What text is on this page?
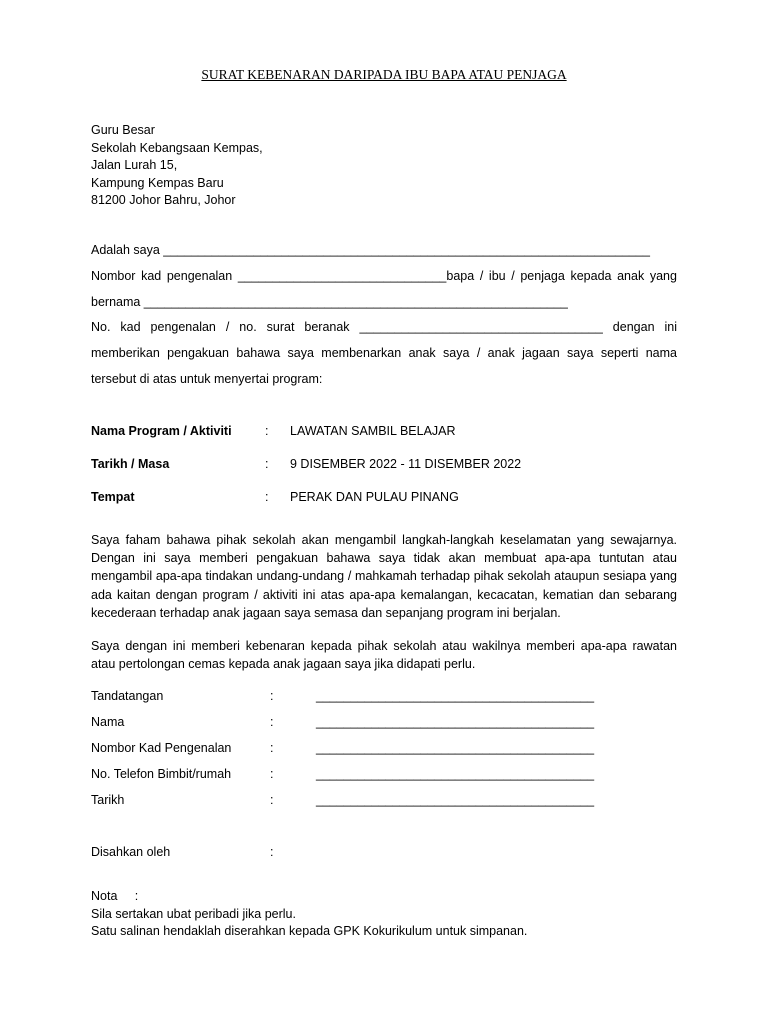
SURAT KEBENARAN DARIPADA IBU BAPA ATAU PENJAGA
Guru Besar
Sekolah Kebangsaan Kempas,
Jalan Lurah 15,
Kampung Kempas Baru
81200 Johor Bahru, Johor
Adalah saya ______________________________________________________________________
Nombor kad pengenalan ______________________________bapa / ibu / penjaga kepada anak yang
bernama _____________________________________________________________
No. kad pengenalan / no. surat beranak ___________________________________ dengan ini
memberikan pengakuan bahawa saya membenarkan anak saya / anak jagaan saya seperti nama
tersebut di atas untuk menyertai program:
Nama Program / Aktiviti	: LAWATAN SAMBIL BELAJAR
Tarikh / Masa	: 9 DISEMBER 2022 - 11 DISEMBER 2022
Tempat	: PERAK DAN PULAU PINANG
Saya faham bahawa pihak sekolah akan mengambil langkah-langkah keselamatan yang sewajarnya.
Dengan ini saya memberi pengakuan bahawa saya tidak akan membuat apa-apa tuntutan atau
mengambil apa-apa tindakan undang-undang / mahkamah terhadap pihak sekolah ataupun sesiapa yang
ada kaitan dengan program / aktiviti ini atas apa-apa kemalangan, kecacatan, kematian dan sebarang
kecederaan terhadap anak jagaan saya semasa dan sepanjang program ini berjalan.
Saya dengan ini memberi kebenaran kepada pihak sekolah atau wakilnya memberi apa-apa rawatan
atau pertolongan cemas kepada anak jagaan saya jika didapati perlu.
Tandatangan	:	________________________________________
Nama	:	________________________________________
Nombor Kad Pengenalan	:	________________________________________
No. Telefon Bimbit/rumah	:	________________________________________
Tarikh	:	________________________________________
Disahkan oleh	:
Nota     :
Sila sertakan ubat peribadi jika perlu.
Satu salinan hendaklah diserahkan kepada GPK Kokurikulum untuk simpanan.
